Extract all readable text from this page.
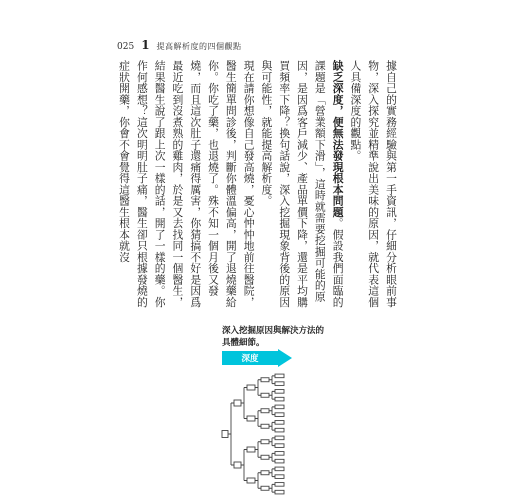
025 1 提高解析度的四個觀點

據自己的實務經驗與第一手資訊，仔細分析眼前事物，深入探究並精準說出美味的原因，就代表這個人具備深度的觀點。

缺乏深度，便無法發現根本問題。假設我們面臨的課題是「營業額下滑」，這時就需要挖掘可能的原因，是因爲客戶減少、產品單價下降，還是平均購買頻率下降？換句話說，深入挖掘現象背後的原因與可能性，就能提高解析度。

現在請你想像自己發高燒，憂心忡忡地前往醫院，醫生簡單問診後，判斷你體溫偏高，開了退燒藥給你。你吃了藥，也退燒了。殊不知一個月後又發燒，而且這次肚子還痛得厲害，你猜搞不好是因爲最近吃到沒煮熟的雞肉，於是又去找同一個醫生，結果醫生說了跟上次一樣的話，開了一樣的藥。你作何感想？這次明明肚子痛，醫生卻只根據發燒的症狀開藥，你會不會覺得這醫生根本就沒

深入挖掘原因與解決方法的
具體細節。
深度
